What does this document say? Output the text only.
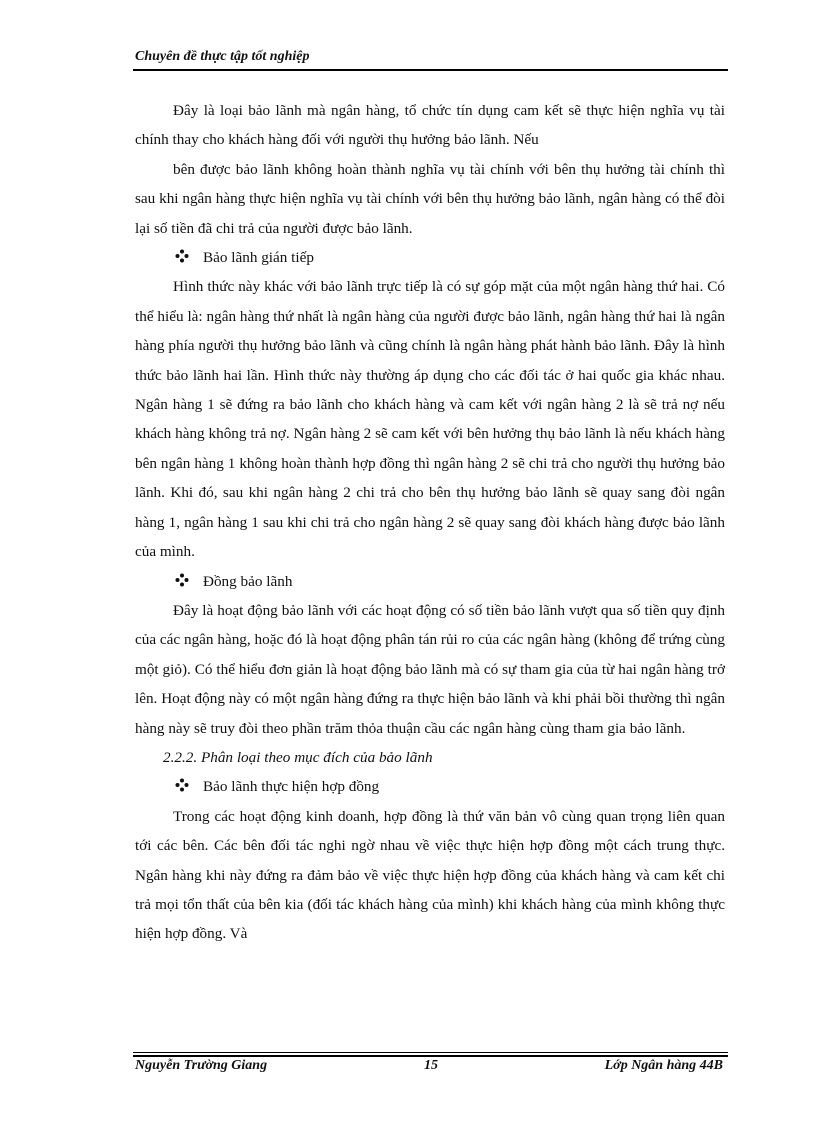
Chuyên đề thực tập tốt nghiệp

Đây là loại bảo lãnh mà ngân hàng, tổ chức tín dụng cam kết sẽ thực hiện nghĩa vụ tài chính thay cho khách hàng đối với người thụ hưởng bảo lãnh. Nếu

bên được bảo lãnh không hoàn thành nghĩa vụ tài chính với bên thụ hưởng tài chính thì sau khi ngân hàng thực hiện nghĩa vụ tài chính với bên thụ hưởng bảo lãnh, ngân hàng có thể đòi lại số tiền đã chi trả của người được bảo lãnh.

Bảo lãnh gián tiếp

Hình thức này khác với bảo lãnh trực tiếp là có sự góp mặt của một ngân hàng thứ hai. Có thể hiểu là: ngân hàng thứ nhất là ngân hàng của người được bảo lãnh, ngân hàng thứ hai là ngân hàng phía người thụ hưởng bảo lãnh và cũng chính là ngân hàng phát hành bảo lãnh. Đây là hình thức bảo lãnh hai lần. Hình thức này thường áp dụng cho các đối tác ở hai quốc gia khác nhau. Ngân hàng 1 sẽ đứng ra bảo lãnh cho khách hàng và cam kết với ngân hàng 2 là sẽ trả nợ nếu khách hàng không trả nợ. Ngân hàng 2 sẽ cam kết với bên hưởng thụ bảo lãnh là nếu khách hàng bên ngân hàng 1 không hoàn thành hợp đồng thì ngân hàng 2 sẽ chi trả cho người thụ hưởng bảo lãnh. Khi đó, sau khi ngân hàng 2 chi trả cho bên thụ hưởng bảo lãnh sẽ quay sang đòi ngân hàng 1, ngân hàng 1 sau khi chi trả cho ngân hàng 2 sẽ quay sang đòi khách hàng được bảo lãnh của mình.

Đồng bảo lãnh

Đây là hoạt động bảo lãnh với các hoạt động có số tiền bảo lãnh vượt qua số tiền quy định của các ngân hàng, hoặc đó là hoạt động phân tán rủi ro của các ngân hàng (không để trứng cùng một giỏ). Có thể hiểu đơn giản là hoạt động bảo lãnh mà có sự tham gia của từ hai ngân hàng trở lên. Hoạt động này có một ngân hàng đứng ra thực hiện bảo lãnh và khi phải bồi thường thì ngân hàng này sẽ truy đòi theo phần trăm thỏa thuận cầu các ngân hàng cùng tham gia bảo lãnh.

2.2.2. Phân loại theo mục đích của bảo lãnh

Bảo lãnh thực hiện hợp đồng

Trong các hoạt động kinh doanh, hợp đồng là thứ văn bản vô cùng quan trọng liên quan tới các bên. Các bên đối tác nghi ngờ nhau về việc thực hiện hợp đồng một cách trung thực. Ngân hàng khi này đứng ra đảm bảo về việc thực hiện hợp đồng của khách hàng và cam kết chi trả mọi tổn thất của bên kia (đối tác khách hàng của mình) khi khách hàng của mình không thực hiện hợp đồng. Và

Nguyễn Trường Giang	15	Lớp Ngân hàng 44B
